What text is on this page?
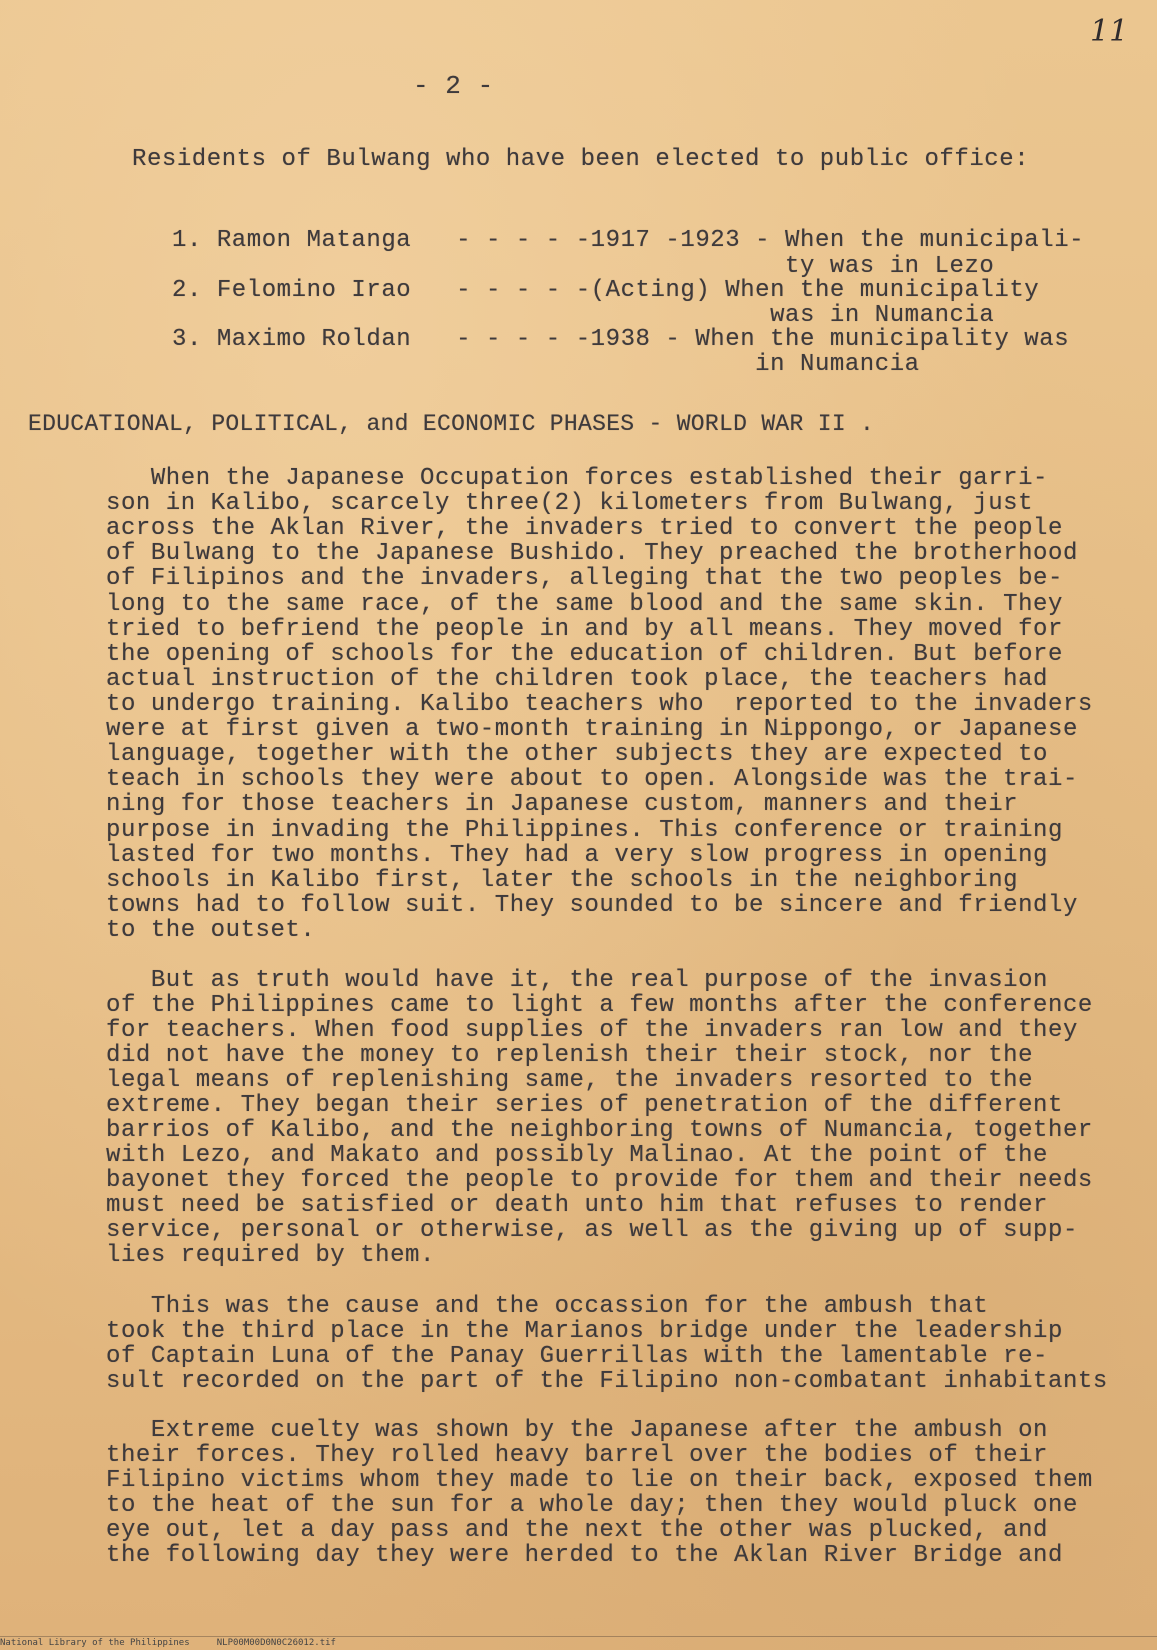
11

- 2 -

Residents of Bulwang who have been elected to public office:

1. Ramon Matanga   - - - - -1917 -1923 - When the municipali-

ty was in Lezo

2. Felomino Irao   - - - - -(Acting) When the municipality

was in Numancia

3. Maximo Roldan   - - - - -1938 - When the municipality was

in Numancia

EDUCATIONAL, POLITICAL, and ECONOMIC PHASES - WORLD WAR II .

When the Japanese Occupation forces established their garri-

son in Kalibo, scarcely three(2) kilometers from Bulwang, just

across the Aklan River, the invaders tried to convert the people

of Bulwang to the Japanese Bushido. They preached the brotherhood

of Filipinos and the invaders, alleging that the two peoples be-

long to the same race, of the same blood and the same skin. They

tried to befriend the people in and by all means. They moved for

the opening of schools for the education of children. But before

actual instruction of the children took place, the teachers had

to undergo training. Kalibo teachers who  reported to the invaders

were at first given a two-month training in Nippongo, or Japanese

language, together with the other subjects they are expected to

teach in schools they were about to open. Alongside was the trai-

ning for those teachers in Japanese custom, manners and their

purpose in invading the Philippines. This conference or training

lasted for two months. They had a very slow progress in opening

schools in Kalibo first, later the schools in the neighboring

towns had to follow suit. They sounded to be sincere and friendly

to the outset.

But as truth would have it, the real purpose of the invasion

of the Philippines came to light a few months after the conference

for teachers. When food supplies of the invaders ran low and they

did not have the money to replenish their their stock, nor the

legal means of replenishing same, the invaders resorted to the

extreme. They began their series of penetration of the different

barrios of Kalibo, and the neighboring towns of Numancia, together

with Lezo, and Makato and possibly Malinao. At the point of the

bayonet they forced the people to provide for them and their needs

must need be satisfied or death unto him that refuses to render

service, personal or otherwise, as well as the giving up of supp-

lies required by them.

This was the cause and the occassion for the ambush that

took the third place in the Marianos bridge under the leadership

of Captain Luna of the Panay Guerrillas with the lamentable re-

sult recorded on the part of the Filipino non-combatant inhabitants

Extreme cuelty was shown by the Japanese after the ambush on

their forces. They rolled heavy barrel over the bodies of their

Filipino victims whom they made to lie on their back, exposed them

to the heat of the sun for a whole day; then they would pluck one

eye out, let a day pass and the next the other was plucked, and

the following day they were herded to the Aklan River Bridge and

National Library of the Philippines     NLP00M00D0N0C26012.tif
